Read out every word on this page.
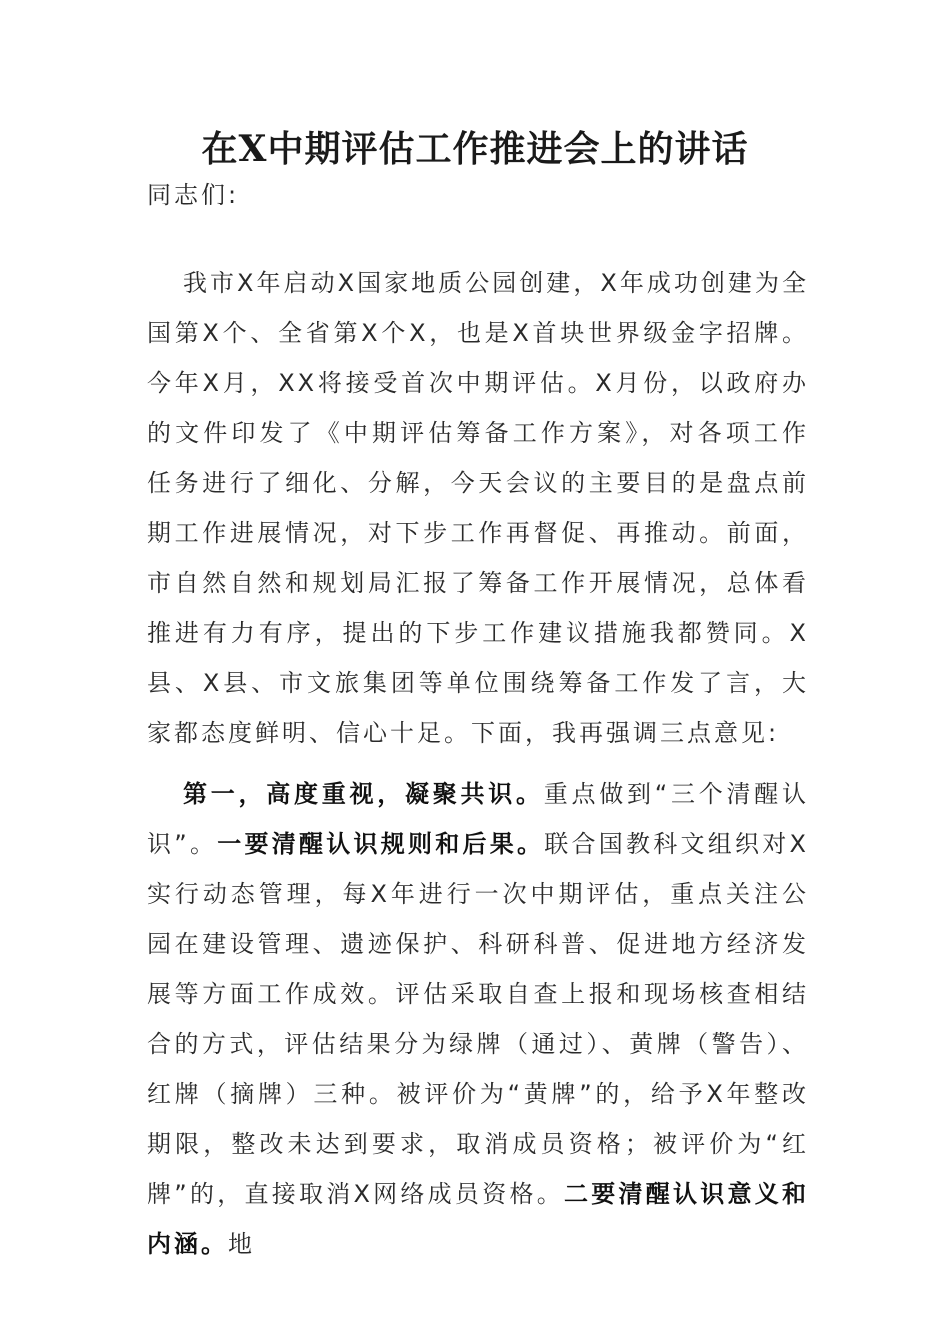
在X中期评估工作推进会上的讲话
同志们:
我市X年启动X国家地质公园创建，X年成功创建为全国第X个、全省第X个X，也是X首块世界级金字招牌。今年X月，XX将接受首次中期评估。X月份，以政府办的文件印发了《中期评估筹备工作方案》，对各项工作任务进行了细化、分解，今天会议的主要目的是盘点前期工作进展情况，对下步工作再督促、再推动。前面，市自然自然和规划局汇报了筹备工作开展情况，总体看推进有力有序，提出的下步工作建议措施我都赞同。X县、X县、市文旅集团等单位围绕筹备工作发了言，大家都态度鲜明、信心十足。下面，我再强调三点意见:
第一，高度重视，凝聚共识。重点做到“三个清醒认识”。一要清醒认识规则和后果。联合国教科文组织对X实行动态管理，每X年进行一次中期评估，重点关注公园在建设管理、遗迹保护、科研科普、促进地方经济发展等方面工作成效。评估采取自查上报和现场核查相结合的方式，评估结果分为绿牌（通过）、黄牌（警告）、红牌（摘牌）三种。被评价为“黄牌”的，给予X年整改期限，整改未达到要求，取消成员资格；被评价为“红牌”的，直接取消X网络成员资格。二要清醒认识意义和内涵。地
